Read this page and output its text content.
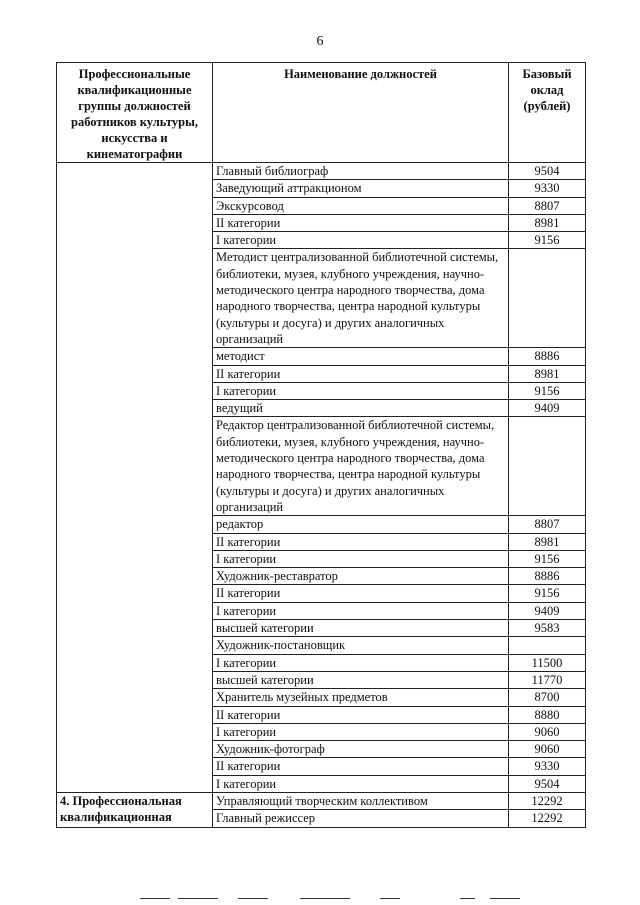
6
Профессиональные квалификационные группы должностей работников культуры, искусства и кинематографии	Наименование должностей	Базовый оклад (рублей)
	Главный библиограф	9504
	Заведующий аттракционом	9330
	Экскурсовод	8807
	II категории	8981
	I категории	9156
	Методист централизованной библиотечной системы, библиотеки, музея, клубного учреждения, научно-методического центра народного творчества, дома народного творчества, центра народной культуры (культуры и досуга) и других аналогичных организаций	
	методист	8886
	II категории	8981
	I категории	9156
	ведущий	9409
	Редактор централизованной библиотечной системы, библиотеки, музея, клубного учреждения, научно-методического центра народного творчества, дома народного творчества, центра народной культуры (культуры и досуга) и других аналогичных организаций	
	редактор	8807
	II категории	8981
	I категории	9156
	Художник-реставратор	8886
	II категории	9156
	I категории	9409
	высшей категории	9583
	Художник-постановщик	
	I категории	11500
	высшей категории	11770
	Хранитель музейных предметов	8700
	II категории	8880
	I категории	9060
	Художник-фотограф	9060
	II категории	9330
	I категории	9504
4. Профессиональная квалификационная	Управляющий творческим коллективом	12292
	Главный режиссер	12292
